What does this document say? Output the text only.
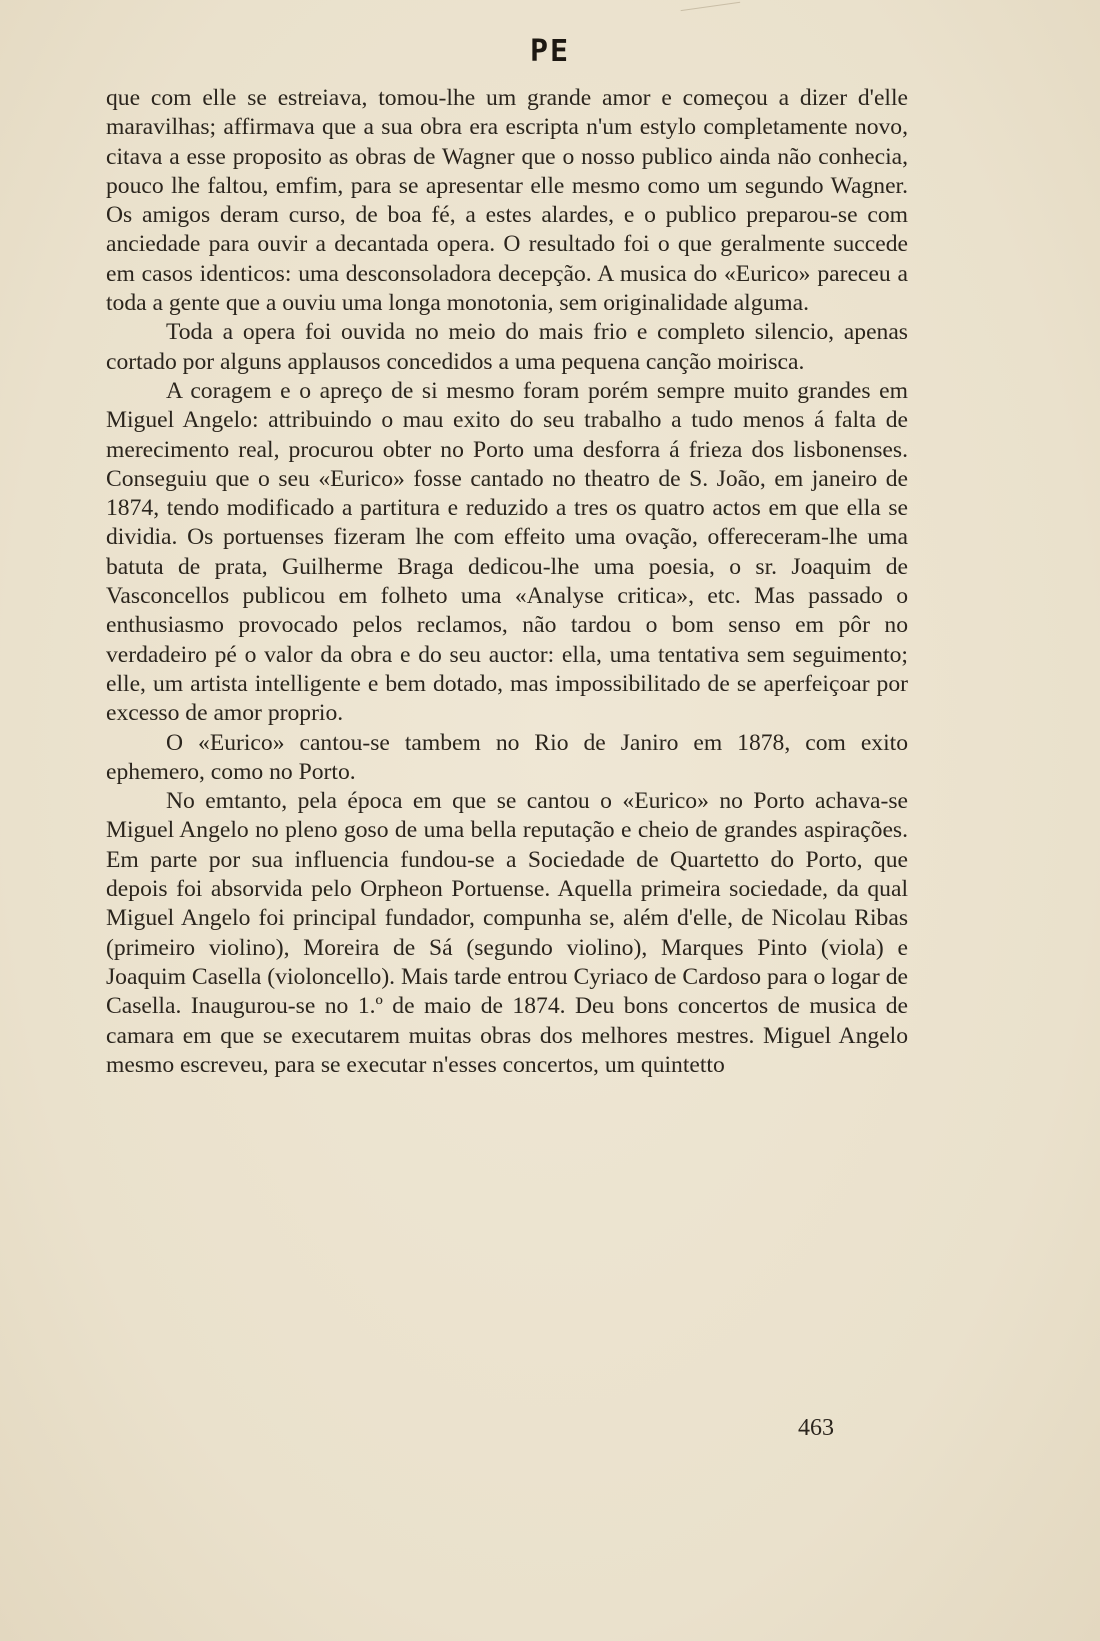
PE

que com elle se estreiava, tomou-lhe um grande amor e começou a dizer d'elle maravilhas; affirmava que a sua obra era escripta n'um estylo completamente novo, citava a esse proposito as obras de Wagner que o nosso publico ainda não conhecia, pouco lhe faltou, emfim, para se apresentar elle mesmo como um segundo Wagner. Os amigos deram curso, de boa fé, a estes alardes, e o publico preparou-se com anciedade para ouvir a decantada opera. O resultado foi o que geralmente succede em casos identicos: uma desconsoladora decepção. A musica do «Eurico» pareceu a toda a gente que a ouviu uma longa monotonia, sem originalidade alguma.

Toda a opera foi ouvida no meio do mais frio e completo silencio, apenas cortado por alguns applausos concedidos a uma pequena canção moirisca.

A coragem e o apreço de si mesmo foram porém sempre muito grandes em Miguel Angelo: attribuindo o mau exito do seu trabalho a tudo menos á falta de merecimento real, procurou obter no Porto uma desforra á frieza dos lisbonenses. Conseguiu que o seu «Eurico» fosse cantado no theatro de S. João, em janeiro de 1874, tendo modificado a partitura e reduzido a tres os quatro actos em que ella se dividia. Os portuenses fizeram lhe com effeito uma ovação, offereceram-lhe uma batuta de prata, Guilherme Braga dedicou-lhe uma poesia, o sr. Joaquim de Vasconcellos publicou em folheto uma «Analyse critica», etc. Mas passado o enthusiasmo provocado pelos reclamos, não tardou o bom senso em pôr no verdadeiro pé o valor da obra e do seu auctor: ella, uma tentativa sem seguimento; elle, um artista intelligente e bem dotado, mas impossibilitado de se aperfeiçoar por excesso de amor proprio.

O «Eurico» cantou-se tambem no Rio de Janiro em 1878, com exito ephemero, como no Porto.

No emtanto, pela época em que se cantou o «Eurico» no Porto achava-se Miguel Angelo no pleno goso de uma bella reputação e cheio de grandes aspirações. Em parte por sua influencia fundou-se a Sociedade de Quartetto do Porto, que depois foi absorvida pelo Orpheon Portuense. Aquella primeira sociedade, da qual Miguel Angelo foi principal fundador, compunha se, além d'elle, de Nicolau Ribas (primeiro violino), Moreira de Sá (segundo violino), Marques Pinto (viola) e Joaquim Casella (violoncello). Mais tarde entrou Cyriaco de Cardoso para o logar de Casella. Inaugurou-se no 1.º de maio de 1874. Deu bons concertos de musica de camara em que se executarem muitas obras dos melhores mestres. Miguel Angelo mesmo escreveu, para se executar n'esses concertos, um quintetto

463
